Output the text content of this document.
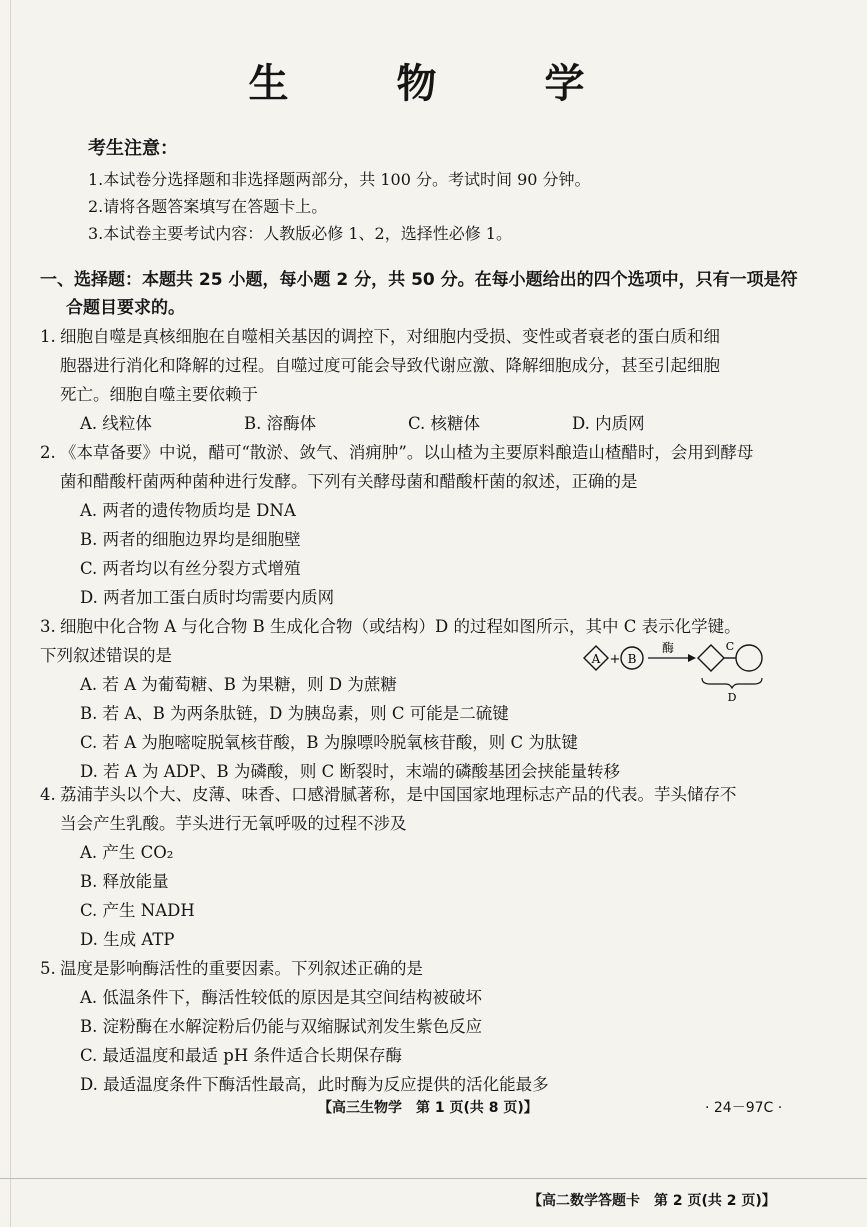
生　物　学
考生注意：
1.本试卷分选择题和非选择题两部分，共 100 分。考试时间 90 分钟。
2.请将各题答案填写在答题卡上。
3.本试卷主要考试内容：人教版必修 1、2，选择性必修 1。
一、选择题：本题共 25 小题，每小题 2 分，共 50 分。在每小题给出的四个选项中，只有一项是符
合题目要求的。
1. 细胞自噬是真核细胞在自噬相关基因的调控下，对细胞内受损、变性或者衰老的蛋白质和细
胞器进行消化和降解的过程。自噬过度可能会导致代谢应激、降解细胞成分，甚至引起细胞
死亡。细胞自噬主要依赖于
A. 线粒体	B. 溶酶体	C. 核糖体	D. 内质网
2. 《本草备要》中说，醋可“散淤、敛气、消痈肿”。以山楂为主要原料酿造山楂醋时，会用到酵母
菌和醋酸杆菌两种菌种进行发酵。下列有关酵母菌和醋酸杆菌的叙述，正确的是
A. 两者的遗传物质均是 DNA
B. 两者的细胞边界均是细胞壁
C. 两者均以有丝分裂方式增殖
D. 两者加工蛋白质时均需要内质网
3. 细胞中化合物 A 与化合物 B 生成化合物（或结构）D 的过程如图所示，其中 C 表示化学键。
下列叙述错误的是
A. 若 A 为葡萄糖、B 为果糖，则 D 为蔗糖
B. 若 A、B 为两条肽链，D 为胰岛素，则 C 可能是二硫键
C. 若 A 为胞嘧啶脱氧核苷酸，B 为腺嘌呤脱氧核苷酸，则 C 为肽键
D. 若 A 为 ADP、B 为磷酸，则 C 断裂时，末端的磷酸基团会挟能量转移
A + B
酶	C
D
4. 荔浦芋头以个大、皮薄、味香、口感滑腻著称，是中国国家地理标志产品的代表。芋头储存不
当会产生乳酸。芋头进行无氧呼吸的过程不涉及
A. 产生 CO₂
B. 释放能量
C. 产生 NADH
D. 生成 ATP
5. 温度是影响酶活性的重要因素。下列叙述正确的是
A. 低温条件下，酶活性较低的原因是其空间结构被破坏
B. 淀粉酶在水解淀粉后仍能与双缩脲试剂发生紫色反应
C. 最适温度和最适 pH 条件适合长期保存酶
D. 最适温度条件下酶活性最高，此时酶为反应提供的活化能最多
【高三生物学　第 1 页(共 8 页)】	· 24－97C ·
【高二数学答题卡　第 2 页(共 2 页)】
